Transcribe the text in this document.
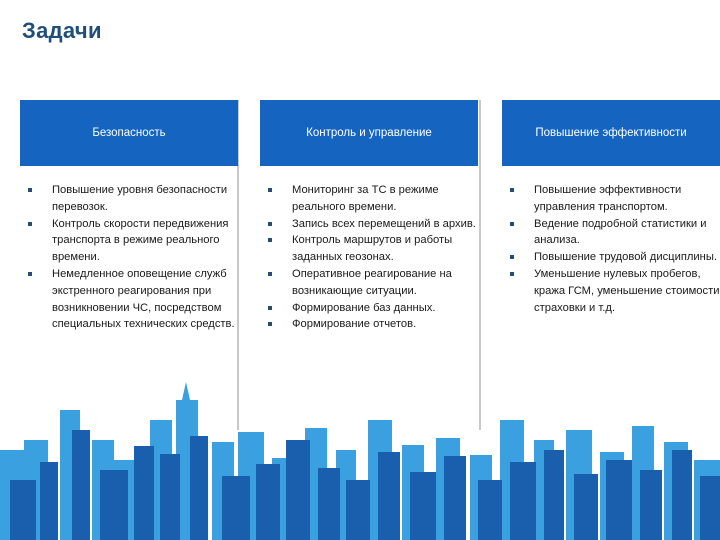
Задачи
Безопасность
Повышение уровня безопасности перевозок.
Контроль скорости передвижения транспорта в режиме реального времени.
Немедленное оповещение служб экстренного реагирования при возникновении ЧС, посредством специальных технических средств.
Контроль и управление
Мониторинг за ТС в режиме реального времени.
Запись всех перемещений в архив.
Контроль маршрутов и работы заданных геозонах.
Оперативное реагирование на возникающие ситуации.
Формирование баз данных.
Формирование отчетов.
Повышение эффективности
Повышение эффективности управления транспортом.
Ведение подробной статистики и анализа.
Повышение трудовой дисциплины.
Уменьшение нулевых пробегов, кража ГСМ, уменьшение стоимости страховки и т.д.
